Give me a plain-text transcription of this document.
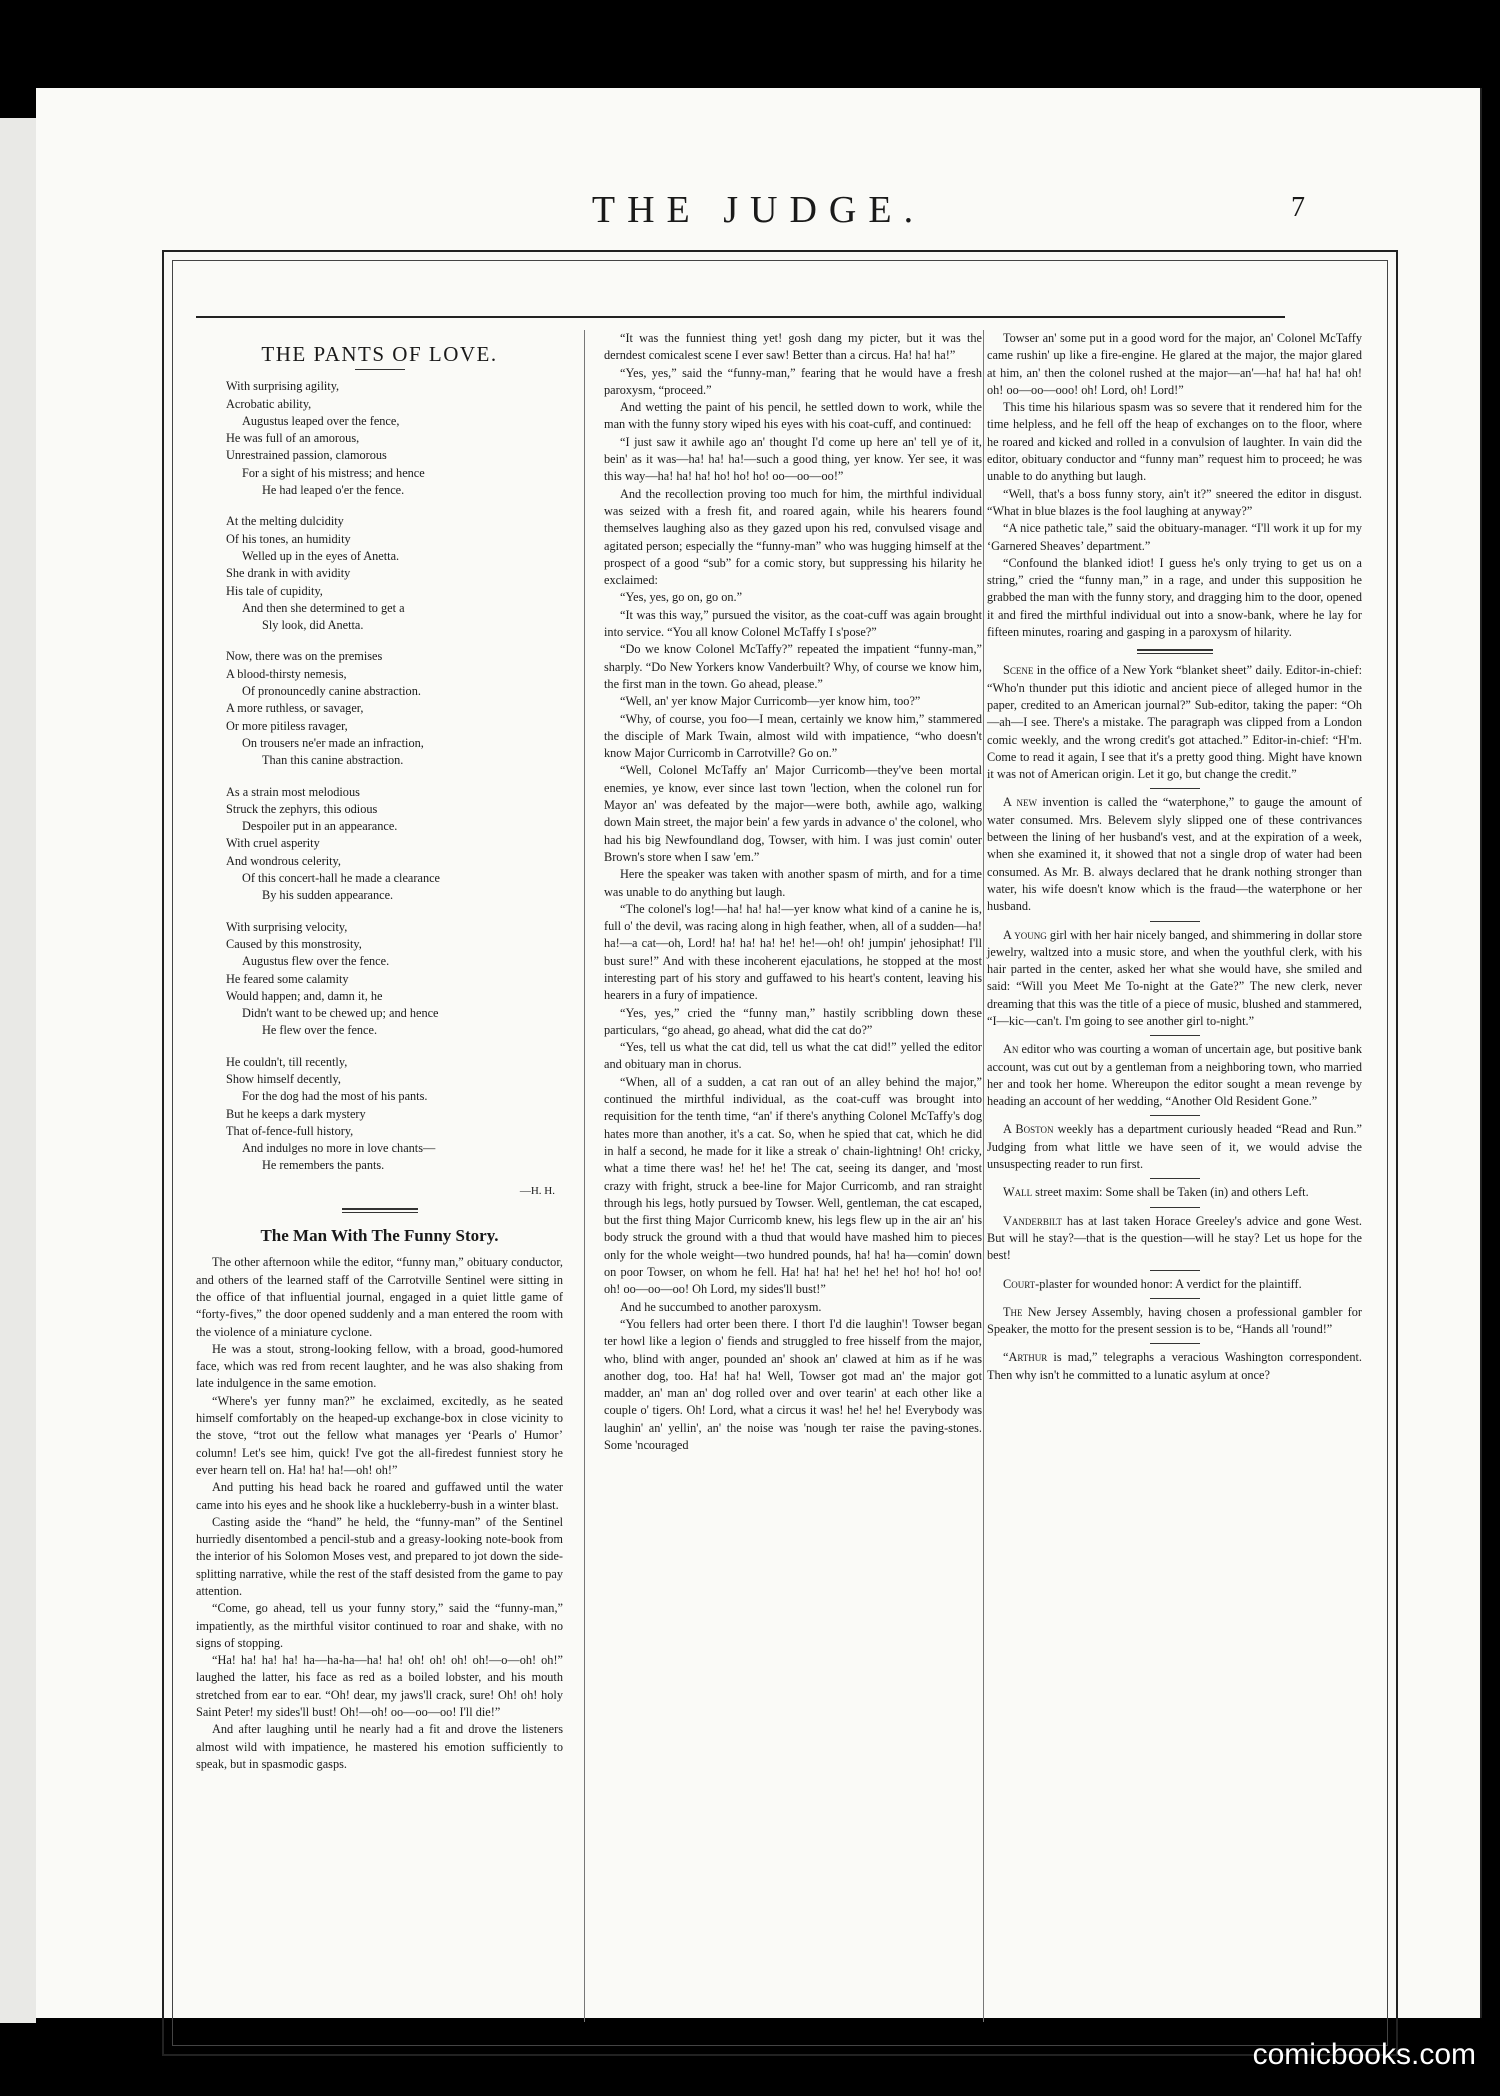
THE JUDGE.	7
THE PANTS OF LOVE.
With surprising agility,
Acrobatic ability,
Augustus leaped over the fence,
He was full of an amorous,
Unrestrained passion, clamorous
For a sight of his mistress; and hence
He had leaped o'er the fence.
At the melting dulcidity
Of his tones, an humidity
Welled up in the eyes of Anetta.
She drank in with avidity
His tale of cupidity,
And then she determined to get a
Sly look, did Anetta.
Now, there was on the premises
A blood-thirsty nemesis,
Of pronouncedly canine abstraction.
A more ruthless, or savager,
Or more pitiless ravager,
On trousers ne'er made an infraction,
Than this canine abstraction.
As a strain most melodious
Struck the zephyrs, this odious
Despoiler put in an appearance.
With cruel asperity
And wondrous celerity,
Of this concert-hall he made a clearance
By his sudden appearance.
With surprising velocity,
Caused by this monstrosity,
Augustus flew over the fence.
He feared some calamity
Would happen; and, damn it, he
Didn't want to be chewed up; and hence
He flew over the fence.
He couldn't, till recently,
Show himself decently,
For the dog had the most of his pants.
But he keeps a dark mystery
That of-fence-full history,
And indulges no more in love chants—
He remembers the pants.
—H. H.
The Man With The Funny Story.

The other afternoon while the editor, “funny man,” obituary conductor, and others of the learned staff of the Carrotville Sentinel were sitting in the office of that influential journal, engaged in a quiet little game of “forty-fives,” the door opened suddenly and a man entered the room with the violence of a miniature cyclone.

He was a stout, strong-looking fellow, with a broad, good-humored face, which was red from recent laughter, and he was also shaking from late indulgence in the same emotion.

“Where's yer funny man?” he exclaimed, excitedly, as he seated himself comfortably on the heaped-up exchange-box in close vicinity to the stove, “trot out the fellow what manages yer ‘Pearls o' Humor’ column! Let's see him, quick! I've got the all-firedest funniest story he ever hearn tell on. Ha! ha! ha!—oh! oh!”

And putting his head back he roared and guffawed until the water came into his eyes and he shook like a huckleberry-bush in a winter blast.

Casting aside the “hand” he held, the “funny-man” of the Sentinel hurriedly disentombed a pencil-stub and a greasy-looking note-book from the interior of his Solomon Moses vest, and prepared to jot down the side-splitting narrative, while the rest of the staff desisted from the game to pay attention.

“Come, go ahead, tell us your funny story,” said the “funny-man,” impatiently, as the mirthful visitor continued to roar and shake, with no signs of stopping.

“Ha! ha! ha! ha! ha—ha-ha—ha! ha! oh! oh! oh! oh!—o—oh! oh!” laughed the latter, his face as red as a boiled lobster, and his mouth stretched from ear to ear. “Oh! dear, my jaws'll crack, sure! Oh! oh! holy Saint Peter! my sides'll bust! Oh!—oh! oo—oo—oo! I'll die!”

And after laughing until he nearly had a fit and drove the listeners almost wild with impatience, he mastered his emotion sufficiently to speak, but in spasmodic gasps.

“It was the funniest thing yet! gosh dang my picter, but it was the derndest comicalest scene I ever saw! Better than a circus. Ha! ha! ha!”

“Yes, yes,” said the “funny-man,” fearing that he would have a fresh paroxysm, “proceed.”

And wetting the paint of his pencil, he settled down to work, while the man with the funny story wiped his eyes with his coat-cuff, and continued:

“I just saw it awhile ago an' thought I'd come up here an' tell ye of it, bein' as it was—ha! ha! ha!—such a good thing, yer know. Yer see, it was this way—ha! ha! ha! ho! ho! ho! oo—oo—oo!”

And the recollection proving too much for him, the mirthful individual was seized with a fresh fit, and roared again, while his hearers found themselves laughing also as they gazed upon his red, convulsed visage and agitated person; especially the “funny-man” who was hugging himself at the prospect of a good “sub” for a comic story, but suppressing his hilarity he exclaimed:

“Yes, yes, go on, go on.”

“It was this way,” pursued the visitor, as the coat-cuff was again brought into service. “You all know Colonel McTaffy I s'pose?”

“Do we know Colonel McTaffy?” repeated the impatient “funny-man,” sharply. “Do New Yorkers know Vanderbuilt? Why, of course we know him, the first man in the town. Go ahead, please.”

“Well, an' yer know Major Curricomb—yer know him, too?”

“Why, of course, you foo—I mean, certainly we know him,” stammered the disciple of Mark Twain, almost wild with impatience, “who doesn't know Major Curricomb in Carrotville? Go on.”

“Well, Colonel McTaffy an' Major Curricomb—they've been mortal enemies, ye know, ever since last town 'lection, when the colonel run for Mayor an' was defeated by the major—were both, awhile ago, walking down Main street, the major bein' a few yards in advance o' the colonel, who had his big Newfoundland dog, Towser, with him. I was just comin' outer Brown's store when I saw 'em.”

Here the speaker was taken with another spasm of mirth, and for a time was unable to do anything but laugh.

“The colonel's log!—ha! ha! ha!—yer know what kind of a canine he is, full o' the devil, was racing along in high feather, when, all of a sudden—ha! ha!—a cat—oh, Lord! ha! ha! ha! he! he!—oh! oh! jumpin' jehosiphat! I'll bust sure!” And with these incoherent ejaculations, he stopped at the most interesting part of his story and guffawed to his heart's content, leaving his hearers in a fury of impatience.

“Yes, yes,” cried the “funny man,” hastily scribbling down these particulars, “go ahead, go ahead, what did the cat do?”

“Yes, tell us what the cat did, tell us what the cat did!” yelled the editor and obituary man in chorus.

“When, all of a sudden, a cat ran out of an alley behind the major,” continued the mirthful individual, as the coat-cuff was brought into requisition for the tenth time, “an' if there's anything Colonel McTaffy's dog hates more than another, it's a cat. So, when he spied that cat, which he did in half a second, he made for it like a streak o' chain-lightning! Oh! cricky, what a time there was! he! he! he! The cat, seeing its danger, and 'most crazy with fright, struck a bee-line for Major Curricomb, and ran straight through his legs, hotly pursued by Towser. Well, gentleman, the cat escaped, but the first thing Major Curricomb knew, his legs flew up in the air an' his body struck the ground with a thud that would have mashed him to pieces only for the whole weight—two hundred pounds, ha! ha! ha—comin' down on poor Towser, on whom he fell. Ha! ha! ha! he! he! he! ho! ho! ho! oo! oh! oo—oo—oo! Oh Lord, my sides'll bust!”

And he succumbed to another paroxysm.

“You fellers had orter been there. I thort I'd die laughin'! Towser began ter howl like a legion o' fiends and struggled to free hisself from the major, who, blind with anger, pounded an' shook an' clawed at him as if he was another dog, too. Ha! ha! ha! Well, Towser got mad an' the major got madder, an' man an' dog rolled over and over tearin' at each other like a couple o' tigers. Oh! Lord, what a circus it was! he! he! he! Everybody was laughin' an' yellin', an' the noise was 'nough ter raise the paving-stones. Some 'ncouraged

Towser an' some put in a good word for the major, an' Colonel McTaffy came rushin' up like a fire-engine. He glared at the major, the major glared at him, an' then the colonel rushed at the major—an'—ha! ha! ha! ha! oh! oh! oo—oo—ooo! oh! Lord, oh! Lord!”

This time his hilarious spasm was so severe that it rendered him for the time helpless, and he fell off the heap of exchanges on to the floor, where he roared and kicked and rolled in a convulsion of laughter. In vain did the editor, obituary conductor and “funny man” request him to proceed; he was unable to do anything but laugh.

“Well, that's a boss funny story, ain't it?” sneered the editor in disgust. “What in blue blazes is the fool laughing at anyway?”

“A nice pathetic tale,” said the obituary-manager. “I'll work it up for my ‘Garnered Sheaves’ department.”

“Confound the blanked idiot! I guess he's only trying to get us on a string,” cried the “funny man,” in a rage, and under this supposition he grabbed the man with the funny story, and dragging him to the door, opened it and fired the mirthful individual out into a snow-bank, where he lay for fifteen minutes, roaring and gasping in a paroxysm of hilarity.

Scene in the office of a New York “blanket sheet” daily. Editor-in-chief: “Who'n thunder put this idiotic and ancient piece of alleged humor in the paper, credited to an American journal?” Sub-editor, taking the paper: “Oh—ah—I see. There's a mistake. The paragraph was clipped from a London comic weekly, and the wrong credit's got attached.” Editor-in-chief: “H'm. Come to read it again, I see that it's a pretty good thing. Might have known it was not of American origin. Let it go, but change the credit.”

A new invention is called the “waterphone,” to gauge the amount of water consumed. Mrs. Belevem slyly slipped one of these contrivances between the lining of her husband's vest, and at the expiration of a week, when she examined it, it showed that not a single drop of water had been consumed. As Mr. B. always declared that he drank nothing stronger than water, his wife doesn't know which is the fraud—the waterphone or her husband.

A young girl with her hair nicely banged, and shimmering in dollar store jewelry, waltzed into a music store, and when the youthful clerk, with his hair parted in the center, asked her what she would have, she smiled and said: “Will you Meet Me To-night at the Gate?” The new clerk, never dreaming that this was the title of a piece of music, blushed and stammered, “I—kic—can't. I'm going to see another girl to-night.”

An editor who was courting a woman of uncertain age, but positive bank account, was cut out by a gentleman from a neighboring town, who married her and took her home. Whereupon the editor sought a mean revenge by heading an account of her wedding, “Another Old Resident Gone.”

A Boston weekly has a department curiously headed “Read and Run.” Judging from what little we have seen of it, we would advise the unsuspecting reader to run first.

Wall street maxim: Some shall be Taken (in) and others Left.

Vanderbilt has at last taken Horace Greeley's advice and gone West. But will he stay?—that is the question—will he stay? Let us hope for the best!

Court-plaster for wounded honor: A verdict for the plaintiff.

The New Jersey Assembly, having chosen a professional gambler for Speaker, the motto for the present session is to be, “Hands all 'round!”

“Arthur is mad,” telegraphs a veracious Washington correspondent. Then why isn't he committed to a lunatic asylum at once?

comicbooks.com
